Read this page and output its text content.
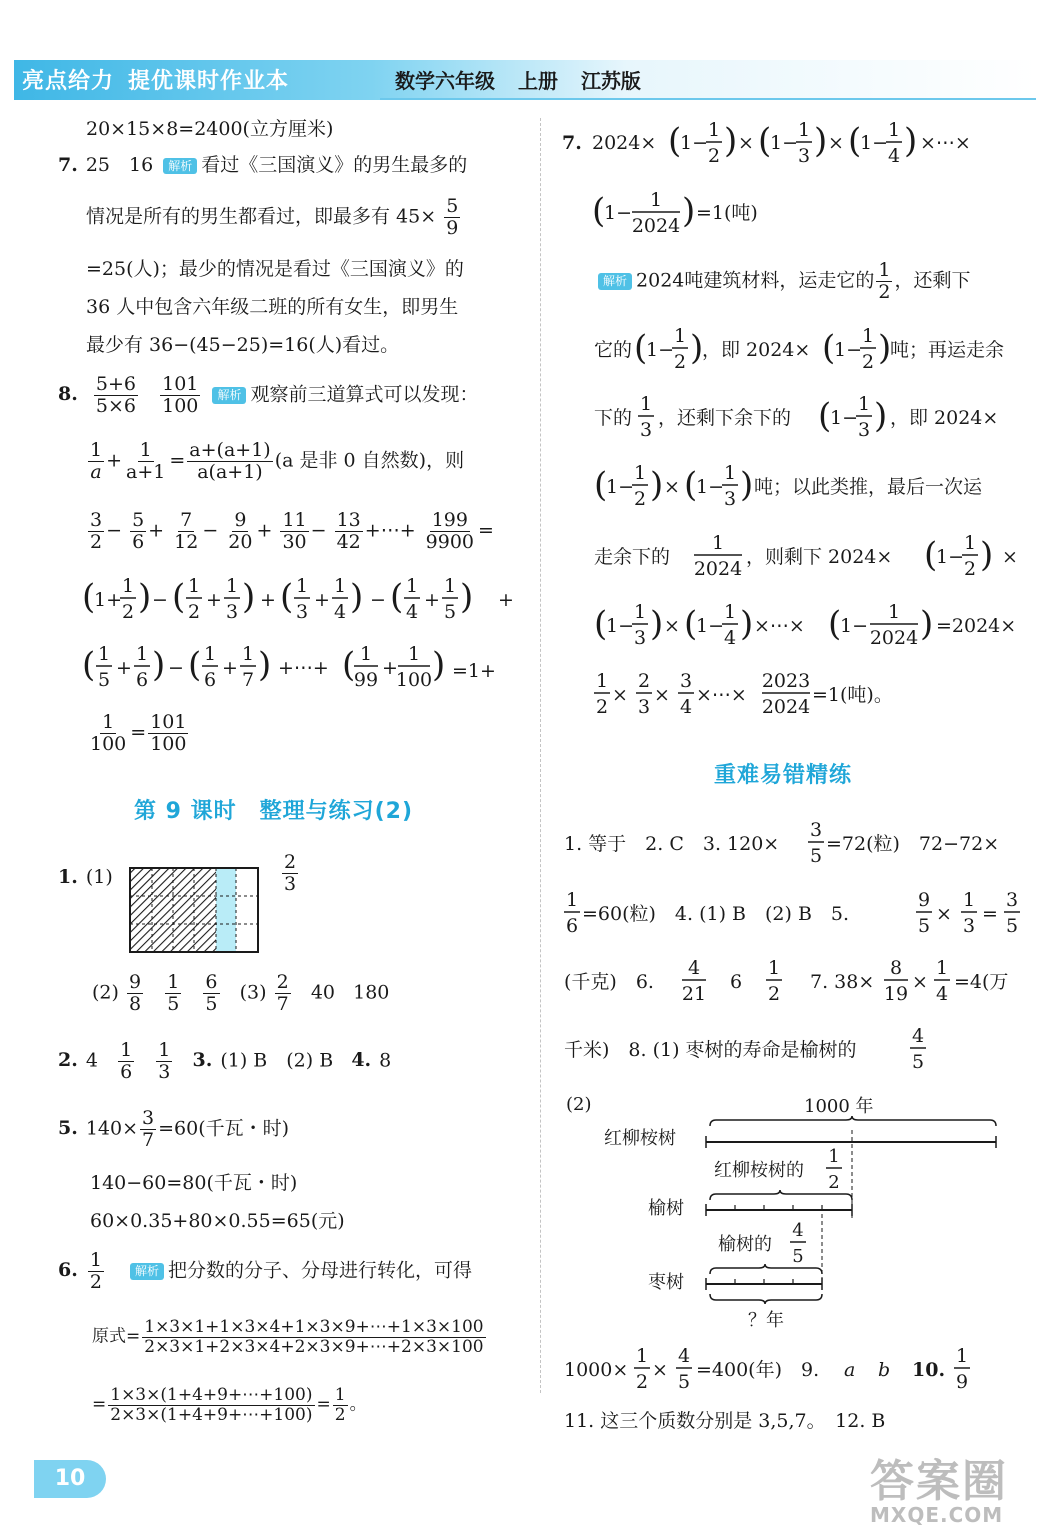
亮点给力 提优课时作业本	数学六年级 上册 江苏版
20×15×8=2400(立方厘米)
7. 25　16 解析 看过《三国演义》的男生最多的
情况是所有的男生都看过，即最多有 $45\times \frac{5}{9}$
=25(人)；最少的情况是看过《三国演义》的
36 人中包含六年级二班的所有女生，即男生
最少有 36−(45−25)=16(人)看过。
8. $\frac{5+6}{5\times 6}$
$\frac{101}{100}$ 解析 观察前三道算式可以发现：
$\frac{1}{a} + \frac{1}{a+1} = \frac{a+(a+1)}{a(a+1)} (a$ 是非 0 自然数)，则
$\frac{3}{2} - \frac{5}{6} + \frac{7}{12} - \frac{9}{20} + \frac{11}{30} - \frac{13}{42}$ +⋯+ $\frac{199}{9900}$ =
(
1+
1
2 ) − ( 1
2
+
1
3 ) + ( 1
3
+
1
4 ) − ( 1
4
+
1
5 ) +
( 1
5
+
1
6 ) − ( 1
6
+
1
7 ) +⋯+ ( 1
99
+
1
100 ) =1+
$\frac{1}{100} = \frac{101}{100}$
第 9 课时　整理与练习(2)
1. (1)	$\frac{2}{3}$
$(2) \frac{9}{8}$
$\frac{1}{5}$
$\frac{6}{5} (3) \frac{2}{7} 40$ 180
2. $4 \frac{1}{6}$
$\frac{1}{3} 3$. (1) B　(2) B 4. 8
5. $140\times \frac{3}{7} =60$(千瓦・时)
140−60=80(千瓦・时)
60×0.35+80×0.55=65(元)
6. $\frac{1}{2}$	解析 把分数的分子、分母进行转化，可得
原式= $\frac{1\times 3\times 1+1\times 3\times 4+1\times 3\times 9+\cdots+1\times 3\times 100}{2\times 3\times 1+2\times 3\times 4+2\times 3\times 9+\cdots+2\times 3\times 100}$
= $\frac{1\times 3\times(1+4+9+\cdots+100)}{2\times 3\times(1+4+9+\cdots+100)} = \frac{1}{2}$ 。
7. 2024× (
1−
1
2 ) × (
1−
1
3 ) × (
1−
1
4 ) ×⋯×
(
1−
1
2024 ) =1(吨)
解析 2024吨建筑材料，运走它的 $\frac{1}{2}$ ，还剩下
它的 (
1−
1
2 )
，即 2024× (
1−
1
2 )
吨；再运走余
下的
1
3
，还剩下余下的 (
1−
1
3 ) ，即 2024×
(
1−
1
2 ) × (
1−
1
3 ) 吨；以此类推，最后一次运
走余下的
1
2024
，则剩下 2024× (
1−
1
2 ) ×
(
1−
1
3 ) × (
1−
1
4 ) ×⋯× (
1−
1
2024 ) =2024×
1
2
×
2
3
×
3
4
×⋯×
2023
2024
=1(吨)。
重难易错精练
1. 等于　2. C　3. 120×
3
5
=72(粒)　72−72×
1
6
=60(粒)　4. (1) B　(2) B　5.
9
5
×
1
3
=
3
5
(千克)　6.
4
21
6
1
2
7. 38×
8
19
×
1
4
=4(万
千米)　8. (1) 枣树的寿命是榆树的
4
5
(2)	1000 年
红柳桉树
红柳桉树的
1
2
榆树
榆树的
4
5
枣树
？年
1000×
1
2
×
4
5
=400(年)　9. a b 10.
1
9
11. 这三个质数分别是 3,5,7。　12. B
10	答案圈
MXQE.COM
